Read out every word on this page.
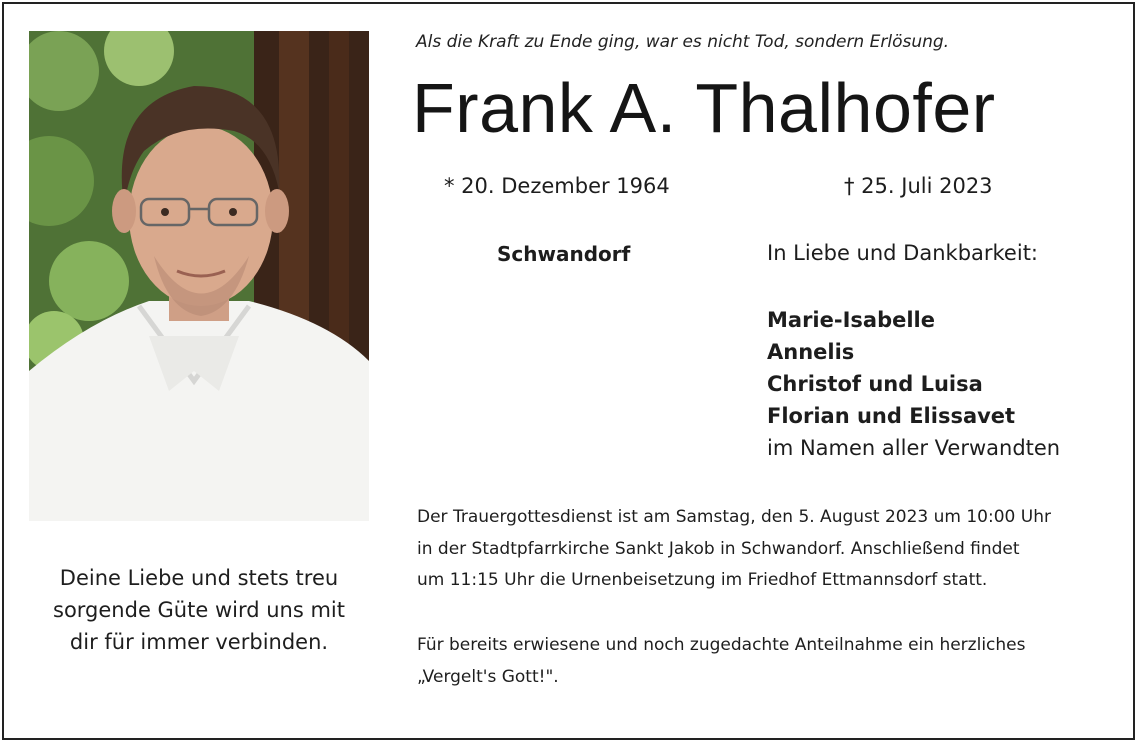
Deine Liebe und stets treu
sorgende Güte wird uns mit
dir für immer verbinden.
Als die Kraft zu Ende ging, war es nicht Tod, sondern Erlösung.
Frank A. Thalhofer
* 20. Dezember 1964	† 25. Juli 2023
Schwandorf	In Liebe und Dankbarkeit:
Marie-Isabelle
Annelis
Christof und Luisa
Florian und Elissavet
im Namen aller Verwandten

Der Trauergottesdienst ist am Samstag, den 5. August 2023 um 10:00 Uhr

in der Stadtpfarrkirche Sankt Jakob in Schwandorf. Anschließend findet

um 11:15 Uhr die Urnenbeisetzung im Friedhof Ettmannsdorf statt.

Für bereits erwiesene und noch zugedachte Anteilnahme ein herzliches

„Vergelt's Gott!".
